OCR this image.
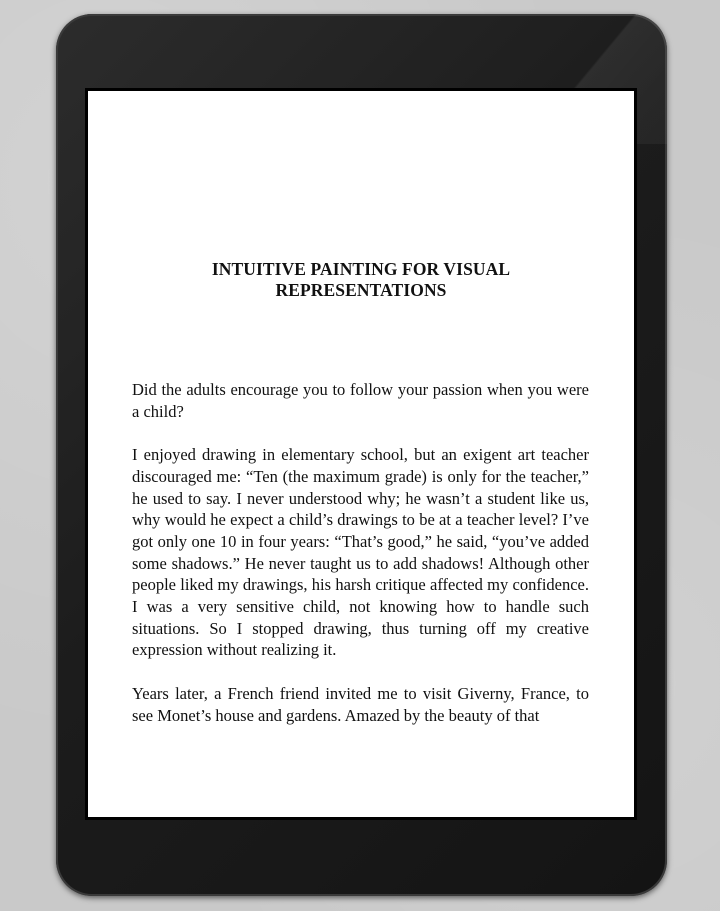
INTUITIVE PAINTING FOR VISUAL
REPRESENTATIONS

Did the adults encourage you to follow your passion when you were a child?

I enjoyed drawing in elementary school, but an exigent art teacher discouraged me: “Ten (the maximum grade) is only for the teacher,” he used to say. I never understood why; he wasn’t a student like us, why would he expect a child’s drawings to be at a teacher level? I’ve got only one 10 in four years: “That’s good,” he said, “you’ve added some shadows.” He never taught us to add shadows! Although other people liked my drawings, his harsh critique affected my confidence. I was a very sensitive child, not knowing how to handle such situations. So I stopped drawing, thus turning off my creative expression without realizing it.

Years later, a French friend invited me to visit Giverny, France, to see Monet’s house and gardens. Amazed by the beauty of that
